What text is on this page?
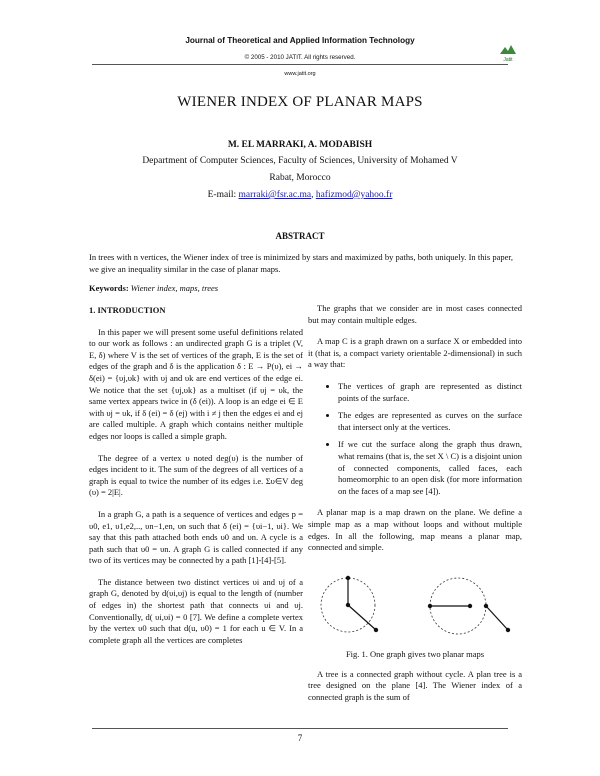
Journal of Theoretical and Applied Information Technology
© 2005 - 2010 JATIT. All rights reserved.
www.jatit.org
Jatit
WIENER INDEX OF PLANAR MAPS
M. EL MARRAKI, A. MODABISH
Department of Computer Sciences, Faculty of Sciences, University of Mohamed V
Rabat, Morocco
E-mail: marraki@fsr.ac.ma, hafizmod@yahoo.fr
ABSTRACT
In trees with n vertices, the Wiener index of tree is minimized by stars and maximized by paths, both uniquely. In this paper, we give an inequality similar in the case of planar maps.
Keywords: Wiener index, maps, trees
1. INTRODUCTION

In this paper we will present some useful definitions related to our work as follows : an undirected graph G is a triplet (V, E, δ) where V is the set of vertices of the graph, E is the set of edges of the graph and δ is the application δ : E → P(υ), ei → δ(ei) = {υj,υk} with υj and υk are end vertices of the edge ei. We notice that the set {υj,υk} as a multiset (if υj = υk, the same vertex appears twice in (δ (ei)). A loop is an edge ei ∈ E with υj = υk, if δ (ei) = δ (ej) with i ≠ j then the edges ei and ej are called multiple. A graph which contains neither multiple edges nor loops is called a simple graph.

The degree of a vertex υ noted deg(υ) is the number of edges incident to it. The sum of the degrees of all vertices of a graph is equal to twice the number of its edges i.e. Συ∈V deg (υ) = 2|E|.

In a graph G, a path is a sequence of vertices and edges p = υ0, e1, υ1,e2,.., υn−1,en, υn such that δ (ei) = {υi−1, υi}. We say that this path attached both ends υ0 and υn. A cycle is a path such that υ0 = υn. A graph G is called connected if any two of its vertices may be connected by a path [1]-[4]-[5].

The distance between two distinct vertices υi and υj of a graph G, denoted by d(υi,υj) is equal to the length of (number of edges in) the shortest path that connects υi and υj. Conventionally, d( υi,υi) = 0 [7]. We define a complete vertex by the vertex υ0 such that d(u, υ0) = 1 for each u ∈ V. In a complete graph all the vertices are completes

The graphs that we consider are in most cases connected but may contain multiple edges.

A map C is a graph drawn on a surface X or embedded into it (that is, a compact variety orientable 2-dimensional) in such a way that:

• The vertices of graph are represented as distinct points of the surface.
• The edges are represented as curves on the surface that intersect only at the vertices.
• If we cut the surface along the graph thus drawn, what remains (that is, the set X \ C) is a disjoint union of connected components, called faces, each homeomorphic to an open disk (for more information on the faces of a map see [4]).

A planar map is a map drawn on the plane. We define a simple map as a map without loops and without multiple edges. In all the following, map means a planar map, connected and simple.

Fig. 1. One graph gives two planar maps

A tree is a connected graph without cycle. A plan tree is a tree designed on the plane [4]. The Wiener index of a connected graph is the sum of

7
